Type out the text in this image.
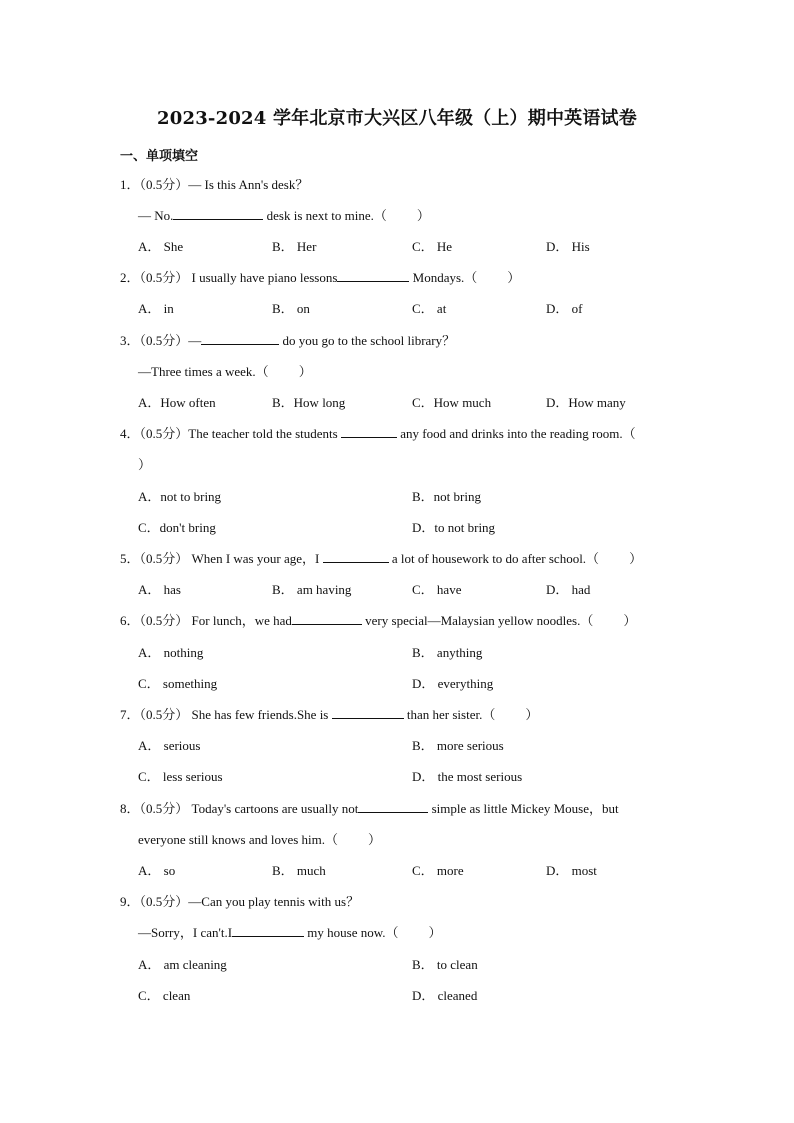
2023-2024 学年北京市大兴区八年级（上）期中英语试卷
一、单项填空
1．（0.5分）— Is this Ann's desk？
— No.	desk is next to mine.（ ）
A． She	B． Her	C． He	D． His
2．（0.5分） I usually have piano lessons	Mondays.（ ）
A． in	B． on	C． at	D． of
3．（0.5分）—	do you go to the school library？
—Three times a week.（ ）
A．How often	B．How long	C．How much	D．How many
4．（0.5分）The teacher told the students	any food and drinks into the reading room.（
）
A．not to bring	B．not bring
C．don't bring	D．to not bring
5．（0.5分） When I was your age，I	a lot of housework to do after school.（ ）
A． has	B． am having	C． have	D． had
6．（0.5分） For lunch，we had	very special—Malaysian yellow noodles.（ ）
A． nothing	B． anything
C． something	D． everything
7．（0.5分） She has few friends.She is	than her sister.（ ）
A． serious	B． more serious
C． less serious	D． the most serious
8．（0.5分） Today's cartoons are usually not	simple as little Mickey Mouse，but
everyone still knows and loves him.（ ）
A． so	B． much	C． more	D． most
9．（0.5分）—Can you play tennis with us？
—Sorry，I can't.I	my house now.（ ）
A． am cleaning	B． to clean
C． clean	D． cleaned
